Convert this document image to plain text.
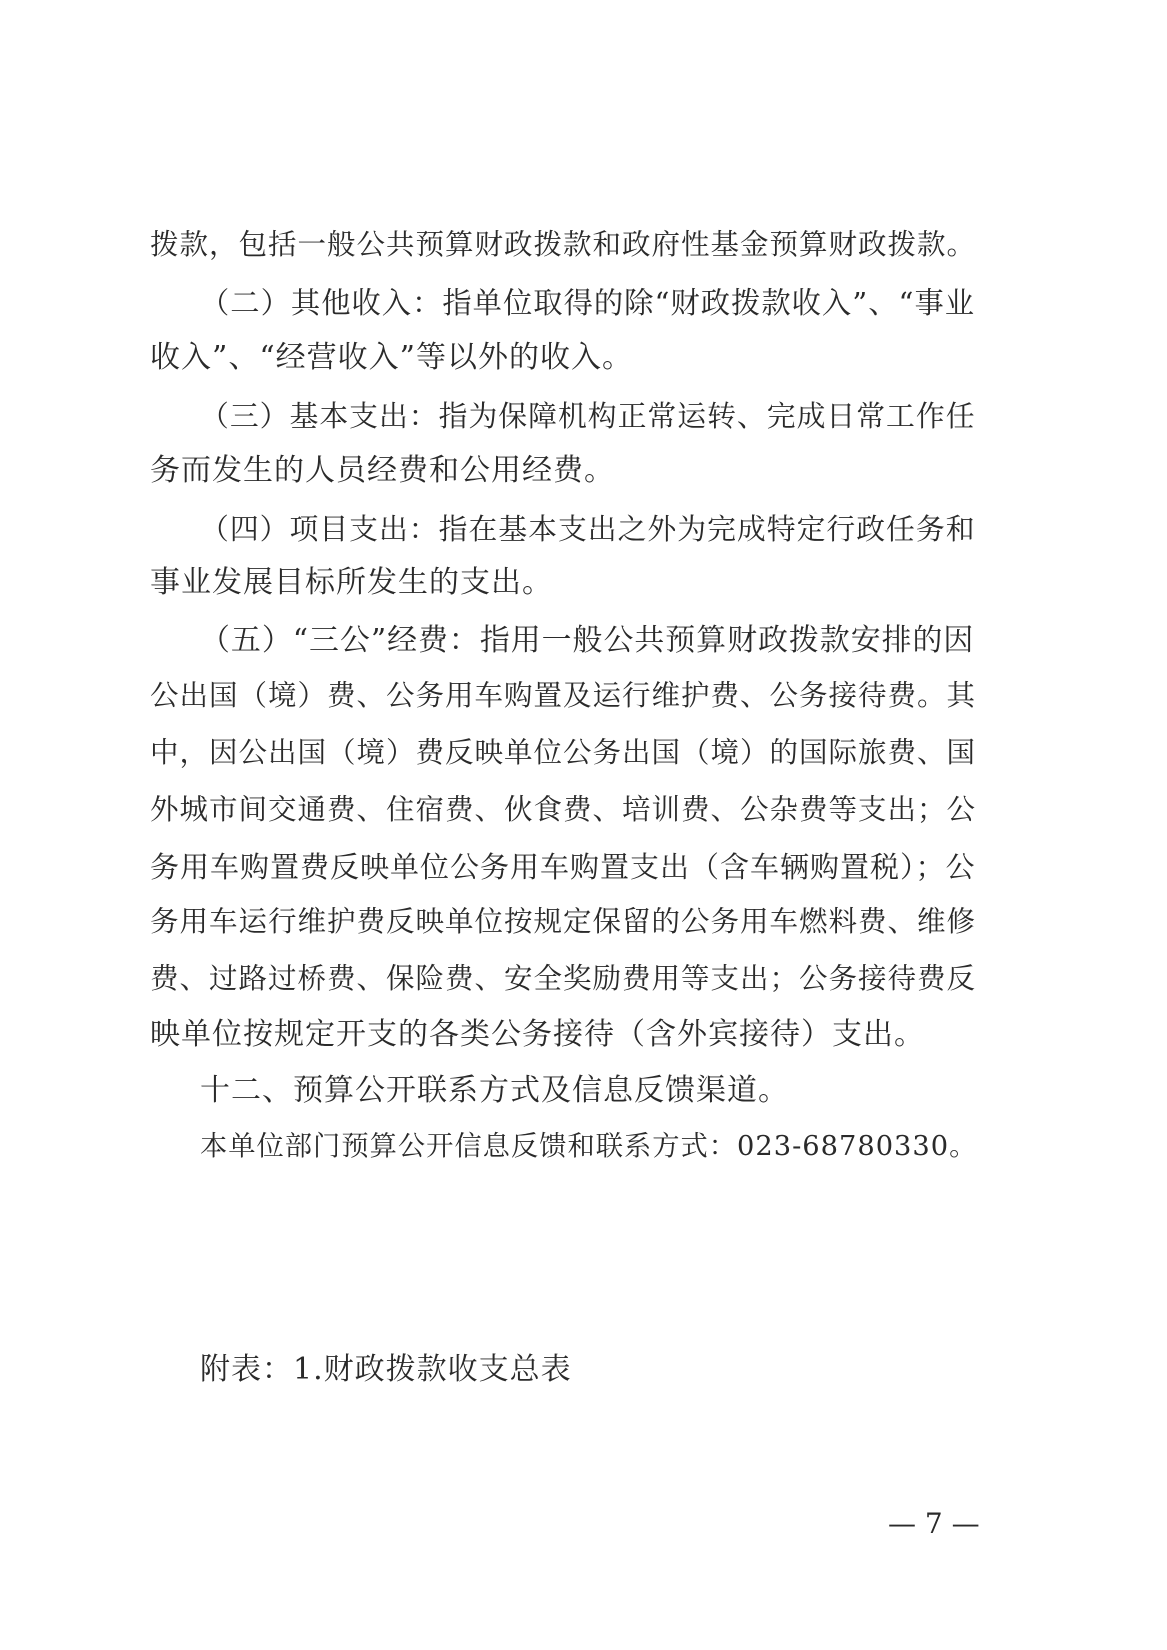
拨款，包括一般公共预算财政拨款和政府性基金预算财政拨款。
（二）其他收入：指单位取得的除“财政拨款收入”、“事业
收入”、“经营收入”等以外的收入。
（三）基本支出：指为保障机构正常运转、完成日常工作任
务而发生的人员经费和公用经费。
（四）项目支出：指在基本支出之外为完成特定行政任务和
事业发展目标所发生的支出。
（五）“三公”经费：指用一般公共预算财政拨款安排的因
公出国（境）费、公务用车购置及运行维护费、公务接待费。其
中，因公出国（境）费反映单位公务出国（境）的国际旅费、国
外城市间交通费、住宿费、伙食费、培训费、公杂费等支出；公
务用车购置费反映单位公务用车购置支出（含车辆购置税）；公
务用车运行维护费反映单位按规定保留的公务用车燃料费、维修
费、过路过桥费、保险费、安全奖励费用等支出；公务接待费反
映单位按规定开支的各类公务接待（含外宾接待）支出。
十二、预算公开联系方式及信息反馈渠道。
本单位部门预算公开信息反馈和联系方式：023-68780330。
附表：1.财政拨款收支总表
— 7 —
